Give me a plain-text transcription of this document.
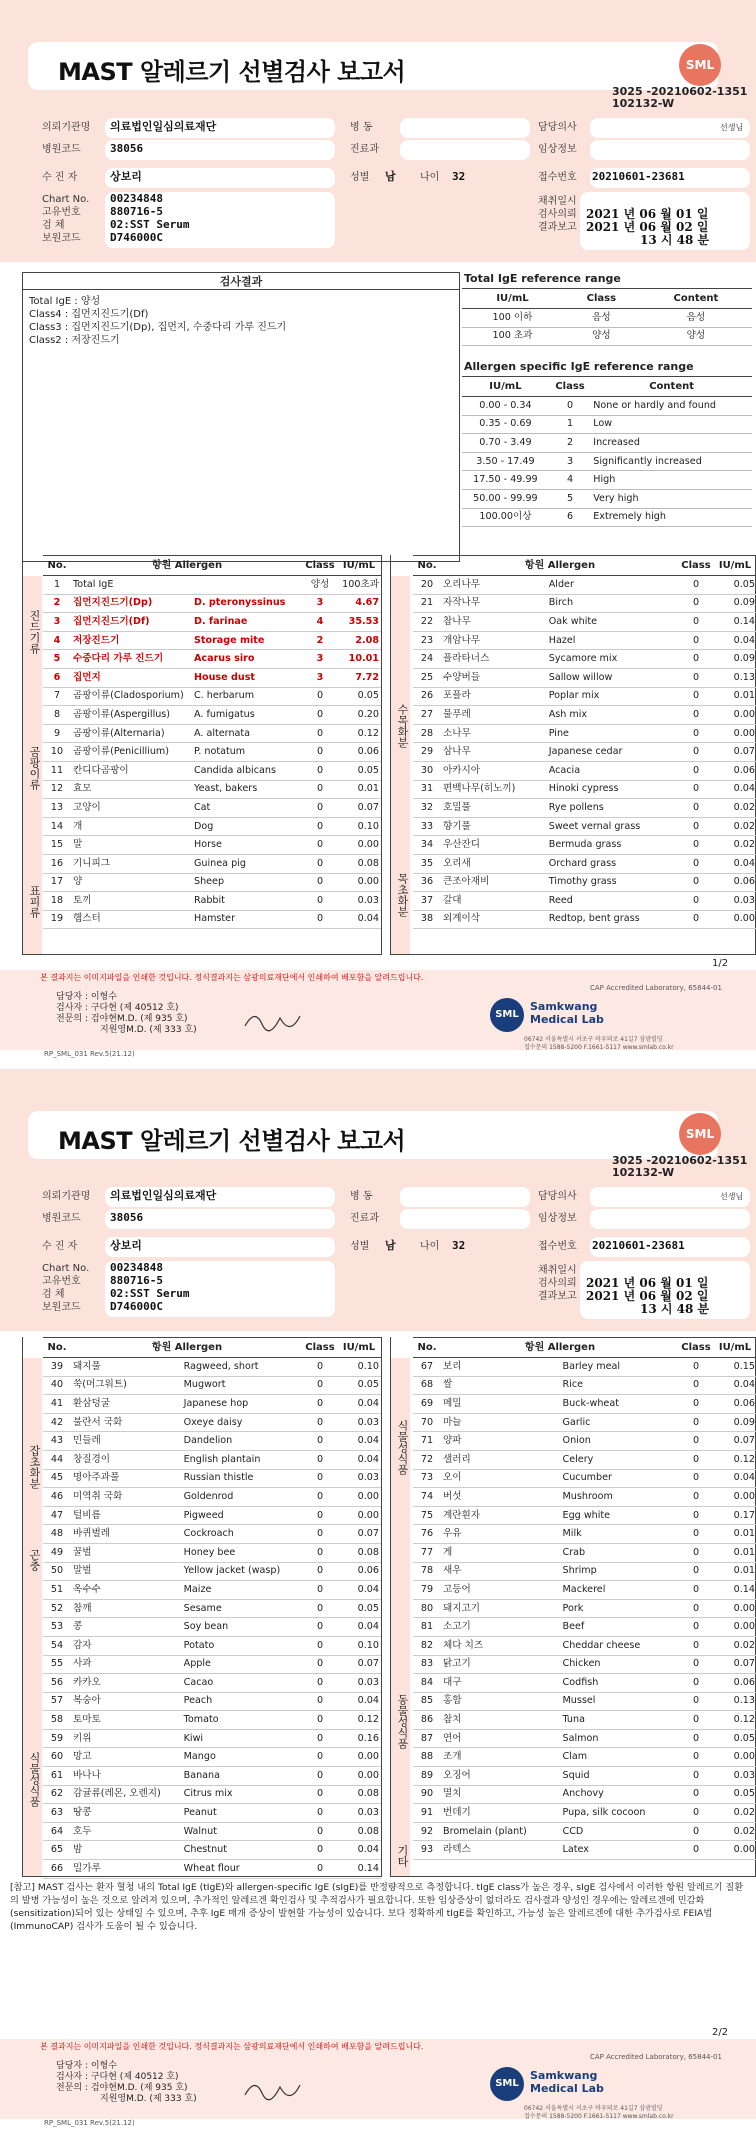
MAST 알레르기 선별검사 보고서	SML
3025 -20210602-1351
102132-W
의뢰기관명 의료법인일심의료재단
병원코드	38056
병 동
진료과
담당의사	선생님
임상정보
수 진 자	상보리	성별 남 나이 32	접수번호 20210601-23681
Chart No. 00234848
고유번호	880716-5
검 체	02:SST Serum
보원코드	D746000C
채취일시
검사의뢰
결과보고
2021 년 06 월 01 일
2021 년 06 월 02 일
13 시 48 분
검사결과
Total IgE : 양성
Class4 : 집먼지진드기(Df)
Class3 : 집먼지진드기(Dp), 집먼지, 수중다리 가루 진드기
Class2 : 저장진드기
Total IgE reference range
IU/mL	Class	Content
100 이하	음성	음성
100 초과	양성	양성
Allergen specific IgE reference range
IU/mL	Class	Content
0.00 - 0.34	0	None or hardly and found
0.35 - 0.69	1	Low
0.70 - 3.49	2	Increased
3.50 - 17.49	3	Significantly increased
17.50 - 49.99	4	High
50.00 - 99.99	5	Very high
100.00이상	6	Extremely high
No.	항원 Allergen		Class	IU/mL
1	Total IgE		양성	100초과
2	집먼지진드기(Dp)	D. pteronyssinus	3	4.67
3	집먼지진드기(Df)	D. farinae	4	35.53
4	저장진드기	Storage mite	2	2.08
5	수중다리 가루 진드기	Acarus siro	3	10.01
6	집먼지	House dust	3	7.72
7	곰팡이류(Cladosporium)	C. herbarum	0	0.05
8	곰팡이류(Aspergillus)	A. fumigatus	0	0.20
9	곰팡이류(Alternaria)	A. alternata	0	0.12
10	곰팡이류(Penicillium)	P. notatum	0	0.06
11	칸디다곰팡이	Candida albicans	0	0.05
12	효모	Yeast, bakers	0	0.01
13	고양이	Cat	0	0.07
14	개	Dog	0	0.10
15	말	Horse	0	0.00
16	기니피그	Guinea pig	0	0.08
17	양	Sheep	0	0.00
18	토끼	Rabbit	0	0.03
19	햄스터	Hamster	0	0.04
No.	항원 Allergen		Class	IU/mL
20	오리나무	Alder	0	0.05
21	자작나무	Birch	0	0.09
22	참나무	Oak white	0	0.14
23	개암나무	Hazel	0	0.04
24	플라타너스	Sycamore mix	0	0.09
25	수양버들	Sallow willow	0	0.13
26	포플라	Poplar mix	0	0.01
27	물푸레	Ash mix	0	0.00
28	소나무	Pine	0	0.00
29	삼나무	Japanese cedar	0	0.07
30	아카시아	Acacia	0	0.06
31	편백나무(히노끼)	Hinoki cypress	0	0.04
32	호밀풀	Rye pollens	0	0.02
33	향기풀	Sweet vernal grass	0	0.02
34	우산잔디	Bermuda grass	0	0.02
35	오리새	Orchard grass	0	0.04
36	큰조아재비	Timothy grass	0	0.06
37	갈대	Reed	0	0.03
38	외계이삭	Redtop, bent grass	0	0.00
진드기류
곰팡이류
표피류
수목화분
목초화분
1/2
본 결과지는 이미지파일을 인쇄한 것입니다. 정식결과지는 삼광의료재단에서 인쇄하여 배포함을 알려드립니다.
CAP Accredited Laboratory, 65844-01
담당자 : 이형수
검사자 : 구다현 (제 40512 호)
전문의 : 검야현M.D. (제 935 호)
지원영M.D. (제 333 호)
SML
Samkwang
Medical Lab
06742 서울특별시 서초구 바우뫼로 41길7 삼광빌딩
접수문의 1588-5200 F.1661-5117 www.smlab.co.kr
RP_SML_031 Rev.5(21.12)
MAST 알레르기 선별검사 보고서	SML
3025 -20210602-1351
102132-W
의뢰기관명 의료법인일심의료재단
병원코드	38056
병 동
진료과
담당의사	선생님
임상정보
수 진 자	상보리	성별 남 나이 32	접수번호 20210601-23681
Chart No. 00234848
고유번호	880716-5
검 체	02:SST Serum
보원코드	D746000C
채취일시
검사의뢰
결과보고
2021 년 06 월 01 일
2021 년 06 월 02 일
13 시 48 분
No.	항원 Allergen		Class	IU/mL
39	돼지풀	Ragweed, short	0	0.10
40	쑥(머그워트)	Mugwort	0	0.05
41	환삼덩굴	Japanese hop	0	0.04
42	불란서 국화	Oxeye daisy	0	0.03
43	민들레	Dandelion	0	0.04
44	창질경이	English plantain	0	0.04
45	명아주과풀	Russian thistle	0	0.03
46	미역취 국화	Goldenrod	0	0.00
47	털비름	Pigweed	0	0.00
48	바퀴벌레	Cockroach	0	0.07
49	꿀벌	Honey bee	0	0.08
50	말벌	Yellow jacket (wasp)	0	0.06
51	옥수수	Maize	0	0.04
52	참깨	Sesame	0	0.05
53	콩	Soy bean	0	0.04
54	감자	Potato	0	0.10
55	사과	Apple	0	0.07
56	카카오	Cacao	0	0.03
57	복숭아	Peach	0	0.04
58	토마토	Tomato	0	0.12
59	키위	Kiwi	0	0.16
60	망고	Mango	0	0.00
61	바나나	Banana	0	0.00
62	감귤류(레몬, 오렌지)	Citrus mix	0	0.08
63	땅콩	Peanut	0	0.03
64	호두	Walnut	0	0.08
65	밤	Chestnut	0	0.04
66	밀가루	Wheat flour	0	0.14
No.	항원 Allergen		Class	IU/mL
67	보리	Barley meal	0	0.15
68	쌀	Rice	0	0.04
69	메밀	Buck-wheat	0	0.06
70	마늘	Garlic	0	0.09
71	양파	Onion	0	0.07
72	샐러리	Celery	0	0.12
73	오이	Cucumber	0	0.04
74	버섯	Mushroom	0	0.00
75	계란흰자	Egg white	0	0.17
76	우유	Milk	0	0.01
77	게	Crab	0	0.01
78	새우	Shrimp	0	0.01
79	고등어	Mackerel	0	0.14
80	돼지고기	Pork	0	0.00
81	소고기	Beef	0	0.00
82	체다 치즈	Cheddar cheese	0	0.02
83	닭고기	Chicken	0	0.07
84	대구	Codfish	0	0.06
85	홍합	Mussel	0	0.13
86	참치	Tuna	0	0.12
87	연어	Salmon	0	0.05
88	조개	Clam	0	0.00
89	오징어	Squid	0	0.03
90	멸치	Anchovy	0	0.05
91	번데기	Pupa, silk cocoon	0	0.02
92	Bromelain (plant)	CCD	0	0.02
93	라텍스	Latex	0	0.00
잡초화분
곤충
식물성식품
식물성식품
동물성식품
기타
[참고] MAST 검사는 환자 혈청 내의 Total IgE (tIgE)와 allergen-specific IgE (sIgE)를 반정량적으로 측정합니다. tIgE class가 높은 경우, sIgE 검사에서 이러한 항원 알레르기 질환의 발병 가능성이 높은 것으로 알려져 있으며, 추가적인 알레르겐 확인검사 및 추적검사가 필요합니다. 또한 임상증상이 없더라도 검사결과 양성인 경우에는 알레르겐에 민감화(sensitization)되어 있는 상태일 수 있으며, 추후 IgE 매개 증상이 발현할 가능성이 있습니다. 보다 정확하게 tIgE를 확인하고, 가능성 높은 알레르겐에 대한 추가검사로 FEIA법(ImmunoCAP) 검사가 도움이 될 수 있습니다.
2/2
본 결과지는 이미지파일을 인쇄한 것입니다. 정식결과지는 삼광의료재단에서 인쇄하여 배포함을 알려드립니다.
CAP Accredited Laboratory, 65844-01
담당자 : 이형수
검사자 : 구다현 (제 40512 호)
전문의 : 검야현M.D. (제 935 호)
지원영M.D. (제 333 호)
SML
Samkwang
Medical Lab
06742 서울특별시 서초구 바우뫼로 41길7 삼광빌딩
접수문의 1588-5200 F.1661-5117 www.smlab.co.kr
RP_SML_031 Rev.5(21.12)
